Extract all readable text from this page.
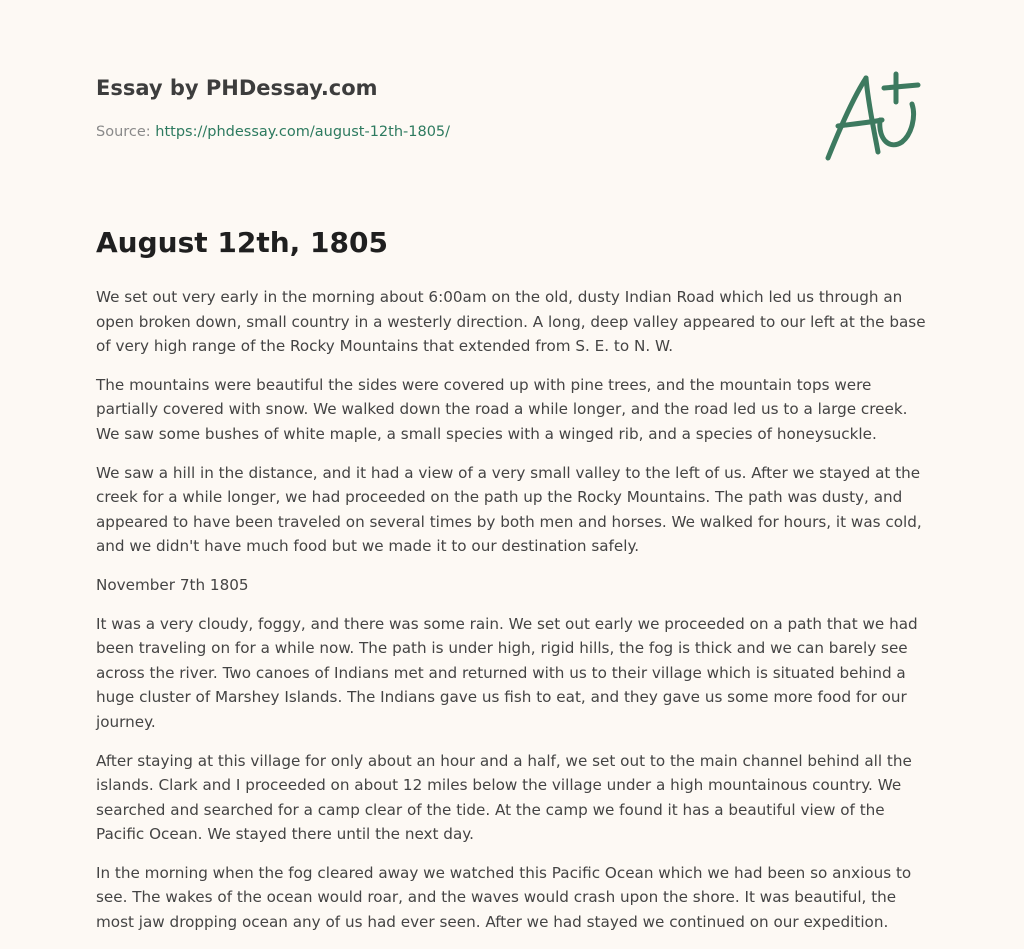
Essay by PHDessay.com
Source: https://phdessay.com/august-12th-1805/
August 12th, 1805

We set out very early in the morning about 6:00am on the old, dusty Indian Road which led us through an open broken down, small country in a westerly direction. A long, deep valley appeared to our left at the base of very high range of the Rocky Mountains that extended from S. E. to N. W.

The mountains were beautiful the sides were covered up with pine trees, and the mountain tops were partially covered with snow. We walked down the road a while longer, and the road led us to a large creek. We saw some bushes of white maple, a small species with a winged rib, and a species of honeysuckle.

We saw a hill in the distance, and it had a view of a very small valley to the left of us. After we stayed at the creek for a while longer, we had proceeded on the path up the Rocky Mountains. The path was dusty, and appeared to have been traveled on several times by both men and horses. We walked for hours, it was cold, and we didn't have much food but we made it to our destination safely.

November 7th 1805

It was a very cloudy, foggy, and there was some rain. We set out early we proceeded on a path that we had been traveling on for a while now. The path is under high, rigid hills, the fog is thick and we can barely see across the river. Two canoes of Indians met and returned with us to their village which is situated behind a huge cluster of Marshey Islands. The Indians gave us fish to eat, and they gave us some more food for our journey.

After staying at this village for only about an hour and a half, we set out to the main channel behind all the islands. Clark and I proceeded on about 12 miles below the village under a high mountainous country. We searched and searched for a camp clear of the tide. At the camp we found it has a beautiful view of the Pacific Ocean. We stayed there until the next day.

In the morning when the fog cleared away we watched this Pacific Ocean which we had been so anxious to see. The wakes of the ocean would roar, and the waves would crash upon the shore. It was beautiful, the most jaw dropping ocean any of us had ever seen. After we had stayed we continued on our expedition.
